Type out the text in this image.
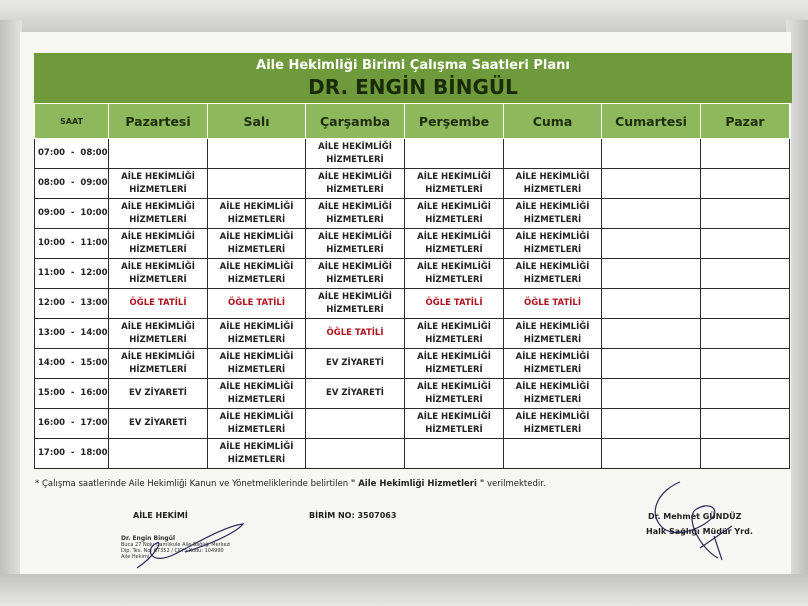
Aile Hekimliği Birimi Çalışma Saatleri Planı
DR. ENGİN BİNGÜL
SAAT	Pazartesi	Salı	Çarşamba	Perşembe	Cuma	Cumartesi	Pazar
07:00  -  08:00			AİLE HEKİMLİĞİ
HİZMETLERİ				
08:00  -  09:00	AİLE HEKİMLİĞİ
HİZMETLERİ		AİLE HEKİMLİĞİ
HİZMETLERİ	AİLE HEKİMLİĞİ
HİZMETLERİ	AİLE HEKİMLİĞİ
HİZMETLERİ		
09:00  -  10:00	AİLE HEKİMLİĞİ
HİZMETLERİ	AİLE HEKİMLİĞİ
HİZMETLERİ	AİLE HEKİMLİĞİ
HİZMETLERİ	AİLE HEKİMLİĞİ
HİZMETLERİ	AİLE HEKİMLİĞİ
HİZMETLERİ		
10:00  -  11:00	AİLE HEKİMLİĞİ
HİZMETLERİ	AİLE HEKİMLİĞİ
HİZMETLERİ	AİLE HEKİMLİĞİ
HİZMETLERİ	AİLE HEKİMLİĞİ
HİZMETLERİ	AİLE HEKİMLİĞİ
HİZMETLERİ		
11:00  -  12:00	AİLE HEKİMLİĞİ
HİZMETLERİ	AİLE HEKİMLİĞİ
HİZMETLERİ	AİLE HEKİMLİĞİ
HİZMETLERİ	AİLE HEKİMLİĞİ
HİZMETLERİ	AİLE HEKİMLİĞİ
HİZMETLERİ		
12:00  -  13:00	ÖĞLE TATİLİ	ÖĞLE TATİLİ	AİLE HEKİMLİĞİ
HİZMETLERİ	ÖĞLE TATİLİ	ÖĞLE TATİLİ		
13:00  -  14:00	AİLE HEKİMLİĞİ
HİZMETLERİ	AİLE HEKİMLİĞİ
HİZMETLERİ	ÖĞLE TATİLİ	AİLE HEKİMLİĞİ
HİZMETLERİ	AİLE HEKİMLİĞİ
HİZMETLERİ		
14:00  -  15:00	AİLE HEKİMLİĞİ
HİZMETLERİ	AİLE HEKİMLİĞİ
HİZMETLERİ	EV ZİYARETİ	AİLE HEKİMLİĞİ
HİZMETLERİ	AİLE HEKİMLİĞİ
HİZMETLERİ		
15:00  -  16:00	EV ZİYARETİ	AİLE HEKİMLİĞİ
HİZMETLERİ	EV ZİYARETİ	AİLE HEKİMLİĞİ
HİZMETLERİ	AİLE HEKİMLİĞİ
HİZMETLERİ		
16:00  -  17:00	EV ZİYARETİ	AİLE HEKİMLİĞİ
HİZMETLERİ		AİLE HEKİMLİĞİ
HİZMETLERİ	AİLE HEKİMLİĞİ
HİZMETLERİ		
17:00  -  18:00		AİLE HEKİMLİĞİ
HİZMETLERİ					
* Çalışma saatlerinde Aile Hekimliği Kanun ve Yönetmeliklerinde belirtilen " Aile Hekimliği Hizmetleri " verilmektedir.
AİLE HEKİMİ	BİRİM NO: 3507063	Dr. Mehmet GÜNDÜZ
Halk Sağlığı Müdür Yrd.
Dr. Engin Bingül
Buca 27 Nolu Çamlıkule Aile Sağlığı Merkezi
Dip. Tes. No: 67352 / ÇKYS Kodu: 104990
Aile Hekimi
